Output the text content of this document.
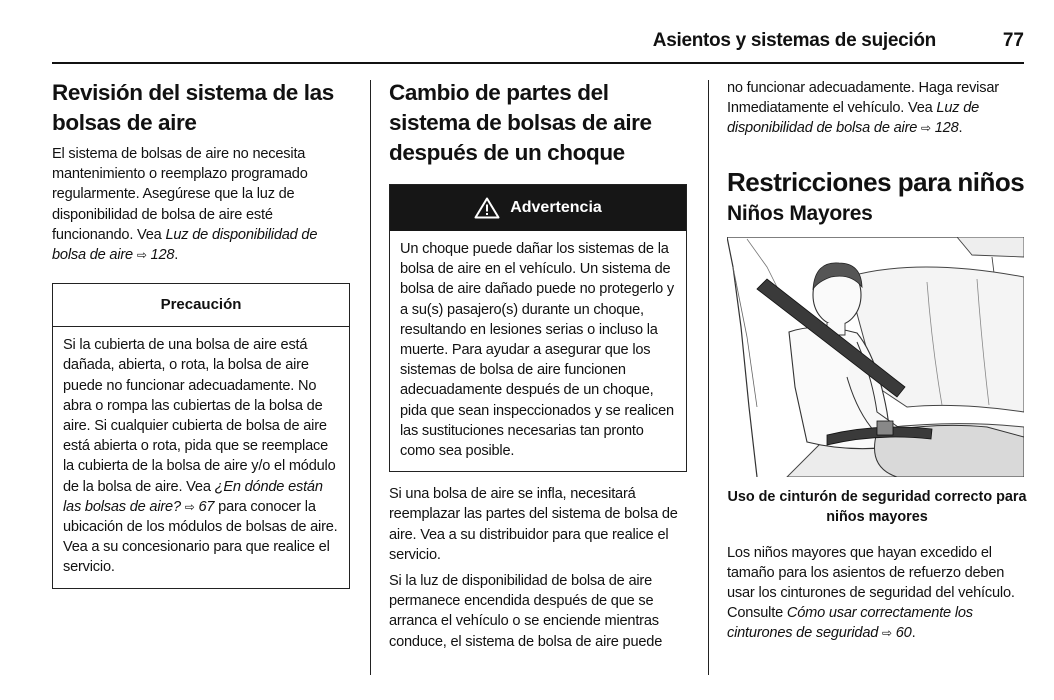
Asientos y sistemas de sujeción	77
Revisión del sistema de las bolsas de aire

El sistema de bolsas de aire no necesita mantenimiento o reemplazo programado regularmente. Asegúrese que la luz de disponibilidad de bolsa de aire esté funcionando. Vea Luz de disponibilidad de bolsa de aire ⇨ 128.

Precaución

Si la cubierta de una bolsa de aire está dañada, abierta, o rota, la bolsa de aire puede no funcionar adecuadamente. No abra o rompa las cubiertas de la bolsa de aire. Si cualquier cubierta de bolsa de aire está abierta o rota, pida que se reemplace la cubierta de la bolsa de aire y/o el módulo de la bolsa de aire. Vea ¿En dónde están las bolsas de aire? ⇨ 67 para conocer la ubicación de los módulos de bolsas de aire. Vea a su concesionario para que realice el servicio.

Cambio de partes del sistema de bolsas de aire después de un choque
Advertencia

Un choque puede dañar los sistemas de la bolsa de aire en el vehículo. Un sistema de bolsa de aire dañado puede no protegerlo y a su(s) pasajero(s) durante un choque, resultando en lesiones serias o incluso la muerte. Para ayudar a asegurar que los sistemas de bolsa de aire funcionen adecuadamente después de un choque, pida que sean inspeccionados y se realicen las sustituciones necesarias tan pronto como sea posible.

Si una bolsa de aire se infla, necesitará reemplazar las partes del sistema de bolsa de aire. Vea a su distribuidor para que realice el servicio.

Si la luz de disponibilidad de bolsa de aire permanece encendida después de que se arranca el vehículo o se enciende mientras conduce, el sistema de bolsa de aire puede

no funcionar adecuadamente. Haga revisar Inmediatamente el vehículo. Vea Luz de disponibilidad de bolsa de aire ⇨ 128.

Restricciones para niños
Niños Mayores
Uso de cinturón de seguridad correcto para niños mayores

Los niños mayores que hayan excedido el tamaño para los asientos de refuerzo deben usar los cinturones de seguridad del vehículo. Consulte Cómo usar correctamente los cinturones de seguridad ⇨ 60.
